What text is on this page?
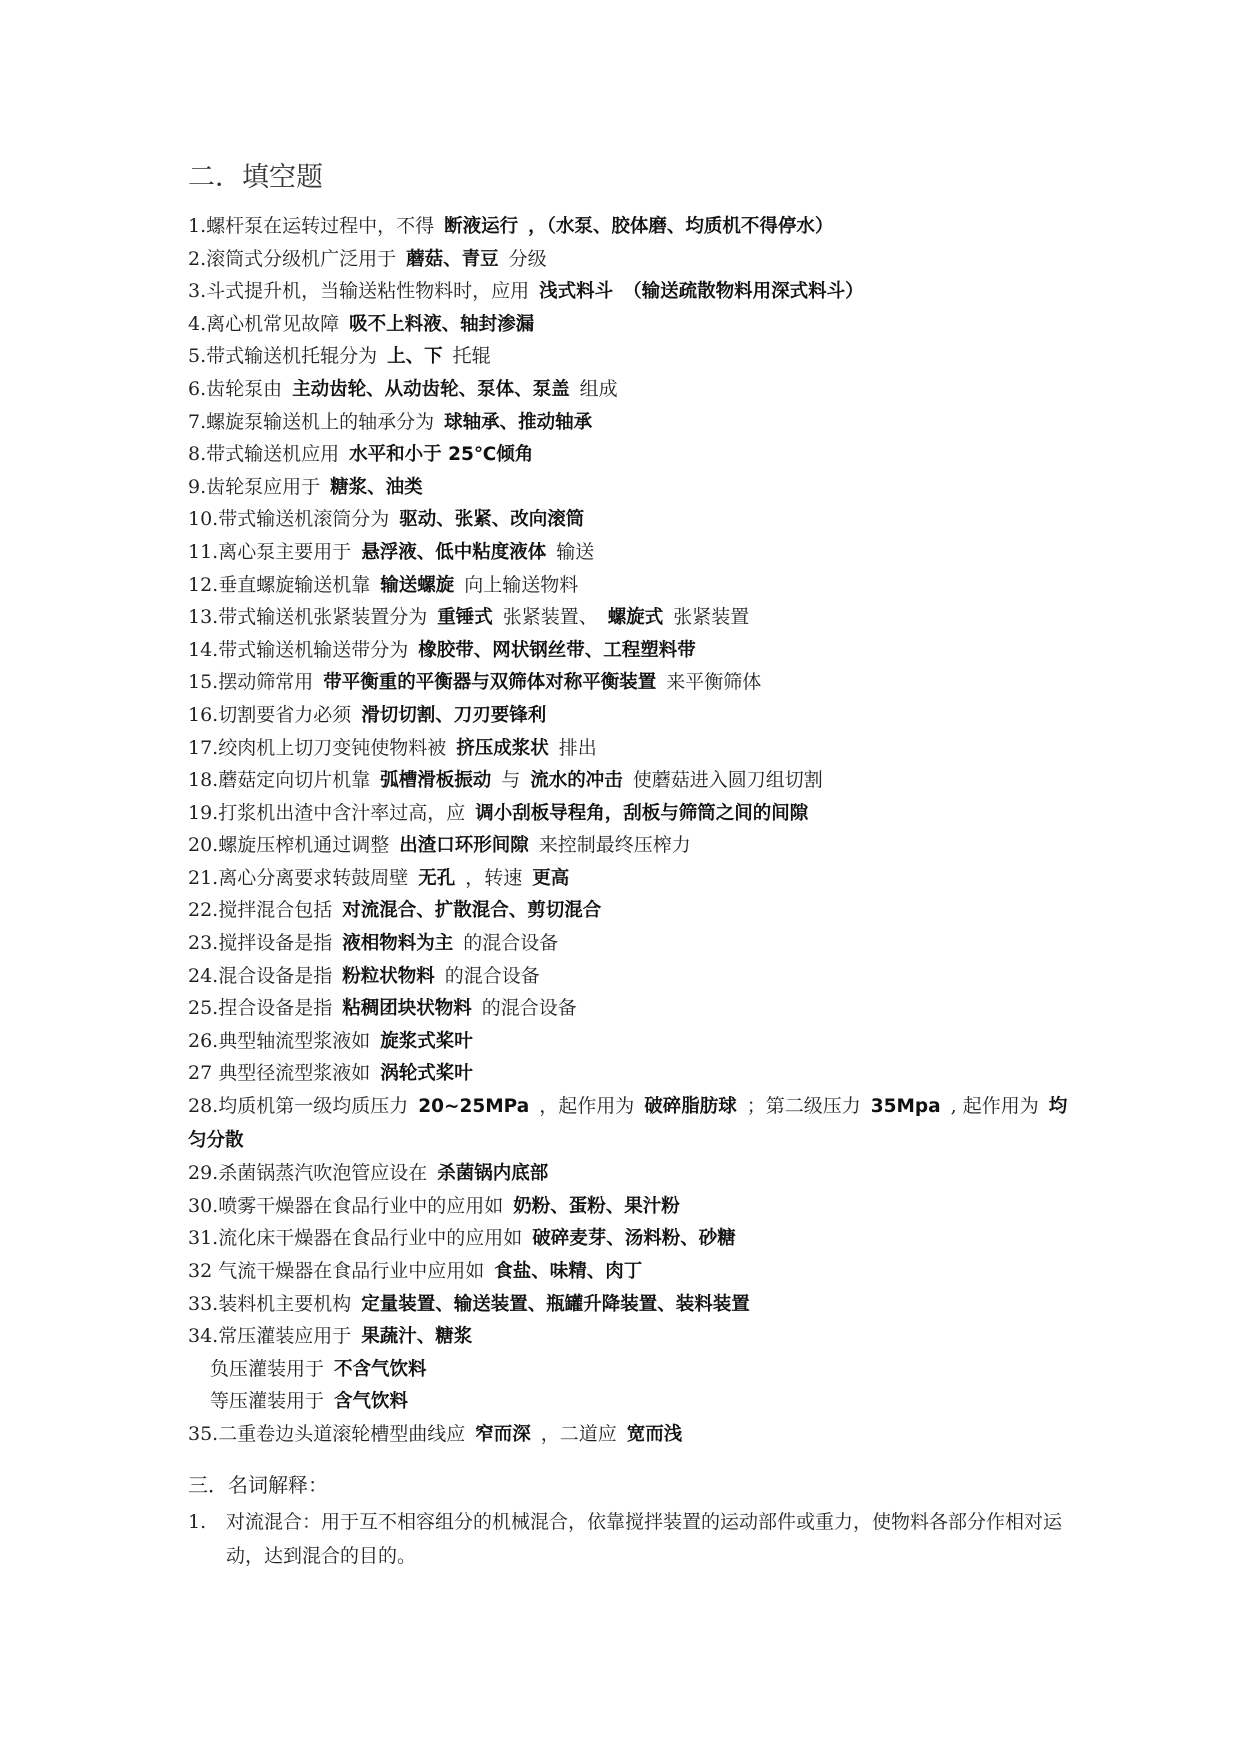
二．填空题
1.螺杆泵在运转过程中，不得 断液运行 ，（水泵、胶体磨、均质机不得停水）
2.滚筒式分级机广泛用于 蘑菇、青豆 分级
3.斗式提升机，当输送粘性物料时，应用 浅式料斗 （输送疏散物料用深式料斗）
4.离心机常见故障 吸不上料液、轴封渗漏
5.带式输送机托辊分为 上、下 托辊
6.齿轮泵由 主动齿轮、从动齿轮、泵体、泵盖 组成
7.螺旋泵输送机上的轴承分为 球轴承、推动轴承
8.带式输送机应用 水平和小于 25℃倾角
9.齿轮泵应用于 糖浆、油类
10.带式输送机滚筒分为 驱动、张紧、改向滚筒
11.离心泵主要用于 悬浮液、低中粘度液体 输送
12.垂直螺旋输送机靠 输送螺旋 向上输送物料
13.带式输送机张紧装置分为 重锤式 张紧装置、 螺旋式 张紧装置
14.带式输送机输送带分为 橡胶带、网状钢丝带、工程塑料带
15.摆动筛常用 带平衡重的平衡器与双筛体对称平衡装置 来平衡筛体
16.切割要省力必须 滑切切割、刀刃要锋利
17.绞肉机上切刀变钝使物料被 挤压成浆状 排出
18.蘑菇定向切片机靠 弧槽滑板振动 与 流水的冲击 使蘑菇进入圆刀组切割
19.打浆机出渣中含汁率过高，应 调小刮板导程角，刮板与筛筒之间的间隙
20.螺旋压榨机通过调整 出渣口环形间隙 来控制最终压榨力
21.离心分离要求转鼓周壁 无孔 ，转速 更高
22.搅拌混合包括 对流混合、扩散混合、剪切混合
23.搅拌设备是指 液相物料为主 的混合设备
24.混合设备是指 粉粒状物料 的混合设备
25.捏合设备是指 粘稠团块状物料 的混合设备
26.典型轴流型浆液如 旋浆式桨叶
27 典型径流型浆液如 涡轮式桨叶
28.均质机第一级均质压力 20~25MPa ，起作用为 破碎脂肪球 ；第二级压力 35Mpa , 起作用为 均匀分散
29.杀菌锅蒸汽吹泡管应设在 杀菌锅内底部
30.喷雾干燥器在食品行业中的应用如 奶粉、蛋粉、果汁粉
31.流化床干燥器在食品行业中的应用如 破碎麦芽、汤料粉、砂糖
32 气流干燥器在食品行业中应用如 食盐、味精、肉丁
33.装料机主要机构 定量装置、输送装置、瓶罐升降装置、装料装置
34.常压灌装应用于 果蔬汁、糖浆
负压灌装用于 不含气饮料
等压灌装用于 含气饮料
35.二重卷边头道滚轮槽型曲线应 窄而深 ，二道应 宽而浅
三．名词解释：
1.	对流混合：用于互不相容组分的机械混合，依靠搅拌装置的运动部件或重力，使物料各部分作相对运动，达到混合的目的。
